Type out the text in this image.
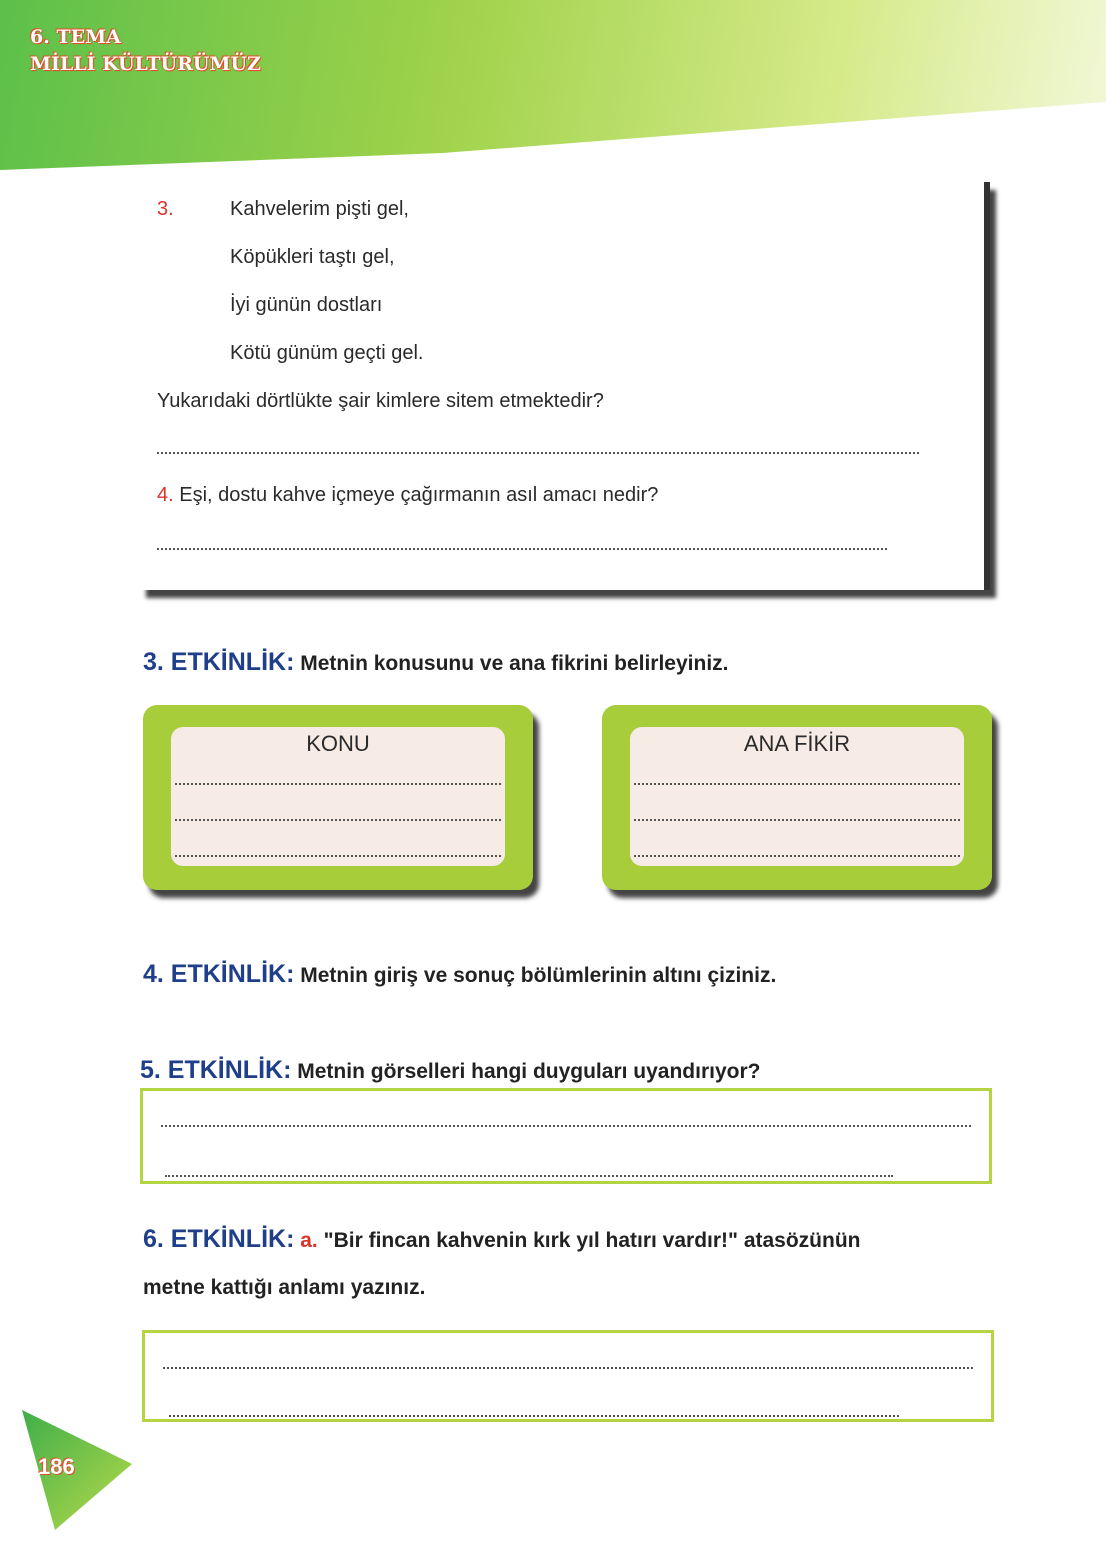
6. TEMA
MİLLİ KÜLTÜRÜMÜZ
3.	Kahvelerim pişti gel,
Köpükleri taştı gel,
İyi günün dostları
Kötü günüm geçti gel.
Yukarıdaki dörtlükte şair kimlere sitem etmektedir?
4. Eşi, dostu kahve içmeye çağırmanın asıl amacı nedir?
3. ETKİNLİK: Metnin konusunu ve ana fikrini belirleyiniz.
KONU	ANA FİKİR
4. ETKİNLİK: Metnin giriş ve sonuç bölümlerinin altını çiziniz.
5. ETKİNLİK: Metnin görselleri hangi duyguları uyandırıyor?
6. ETKİNLİK: a. "Bir fincan kahvenin kırk yıl hatırı vardır!" atasözünün
metne kattığı anlamı yazınız.
186
